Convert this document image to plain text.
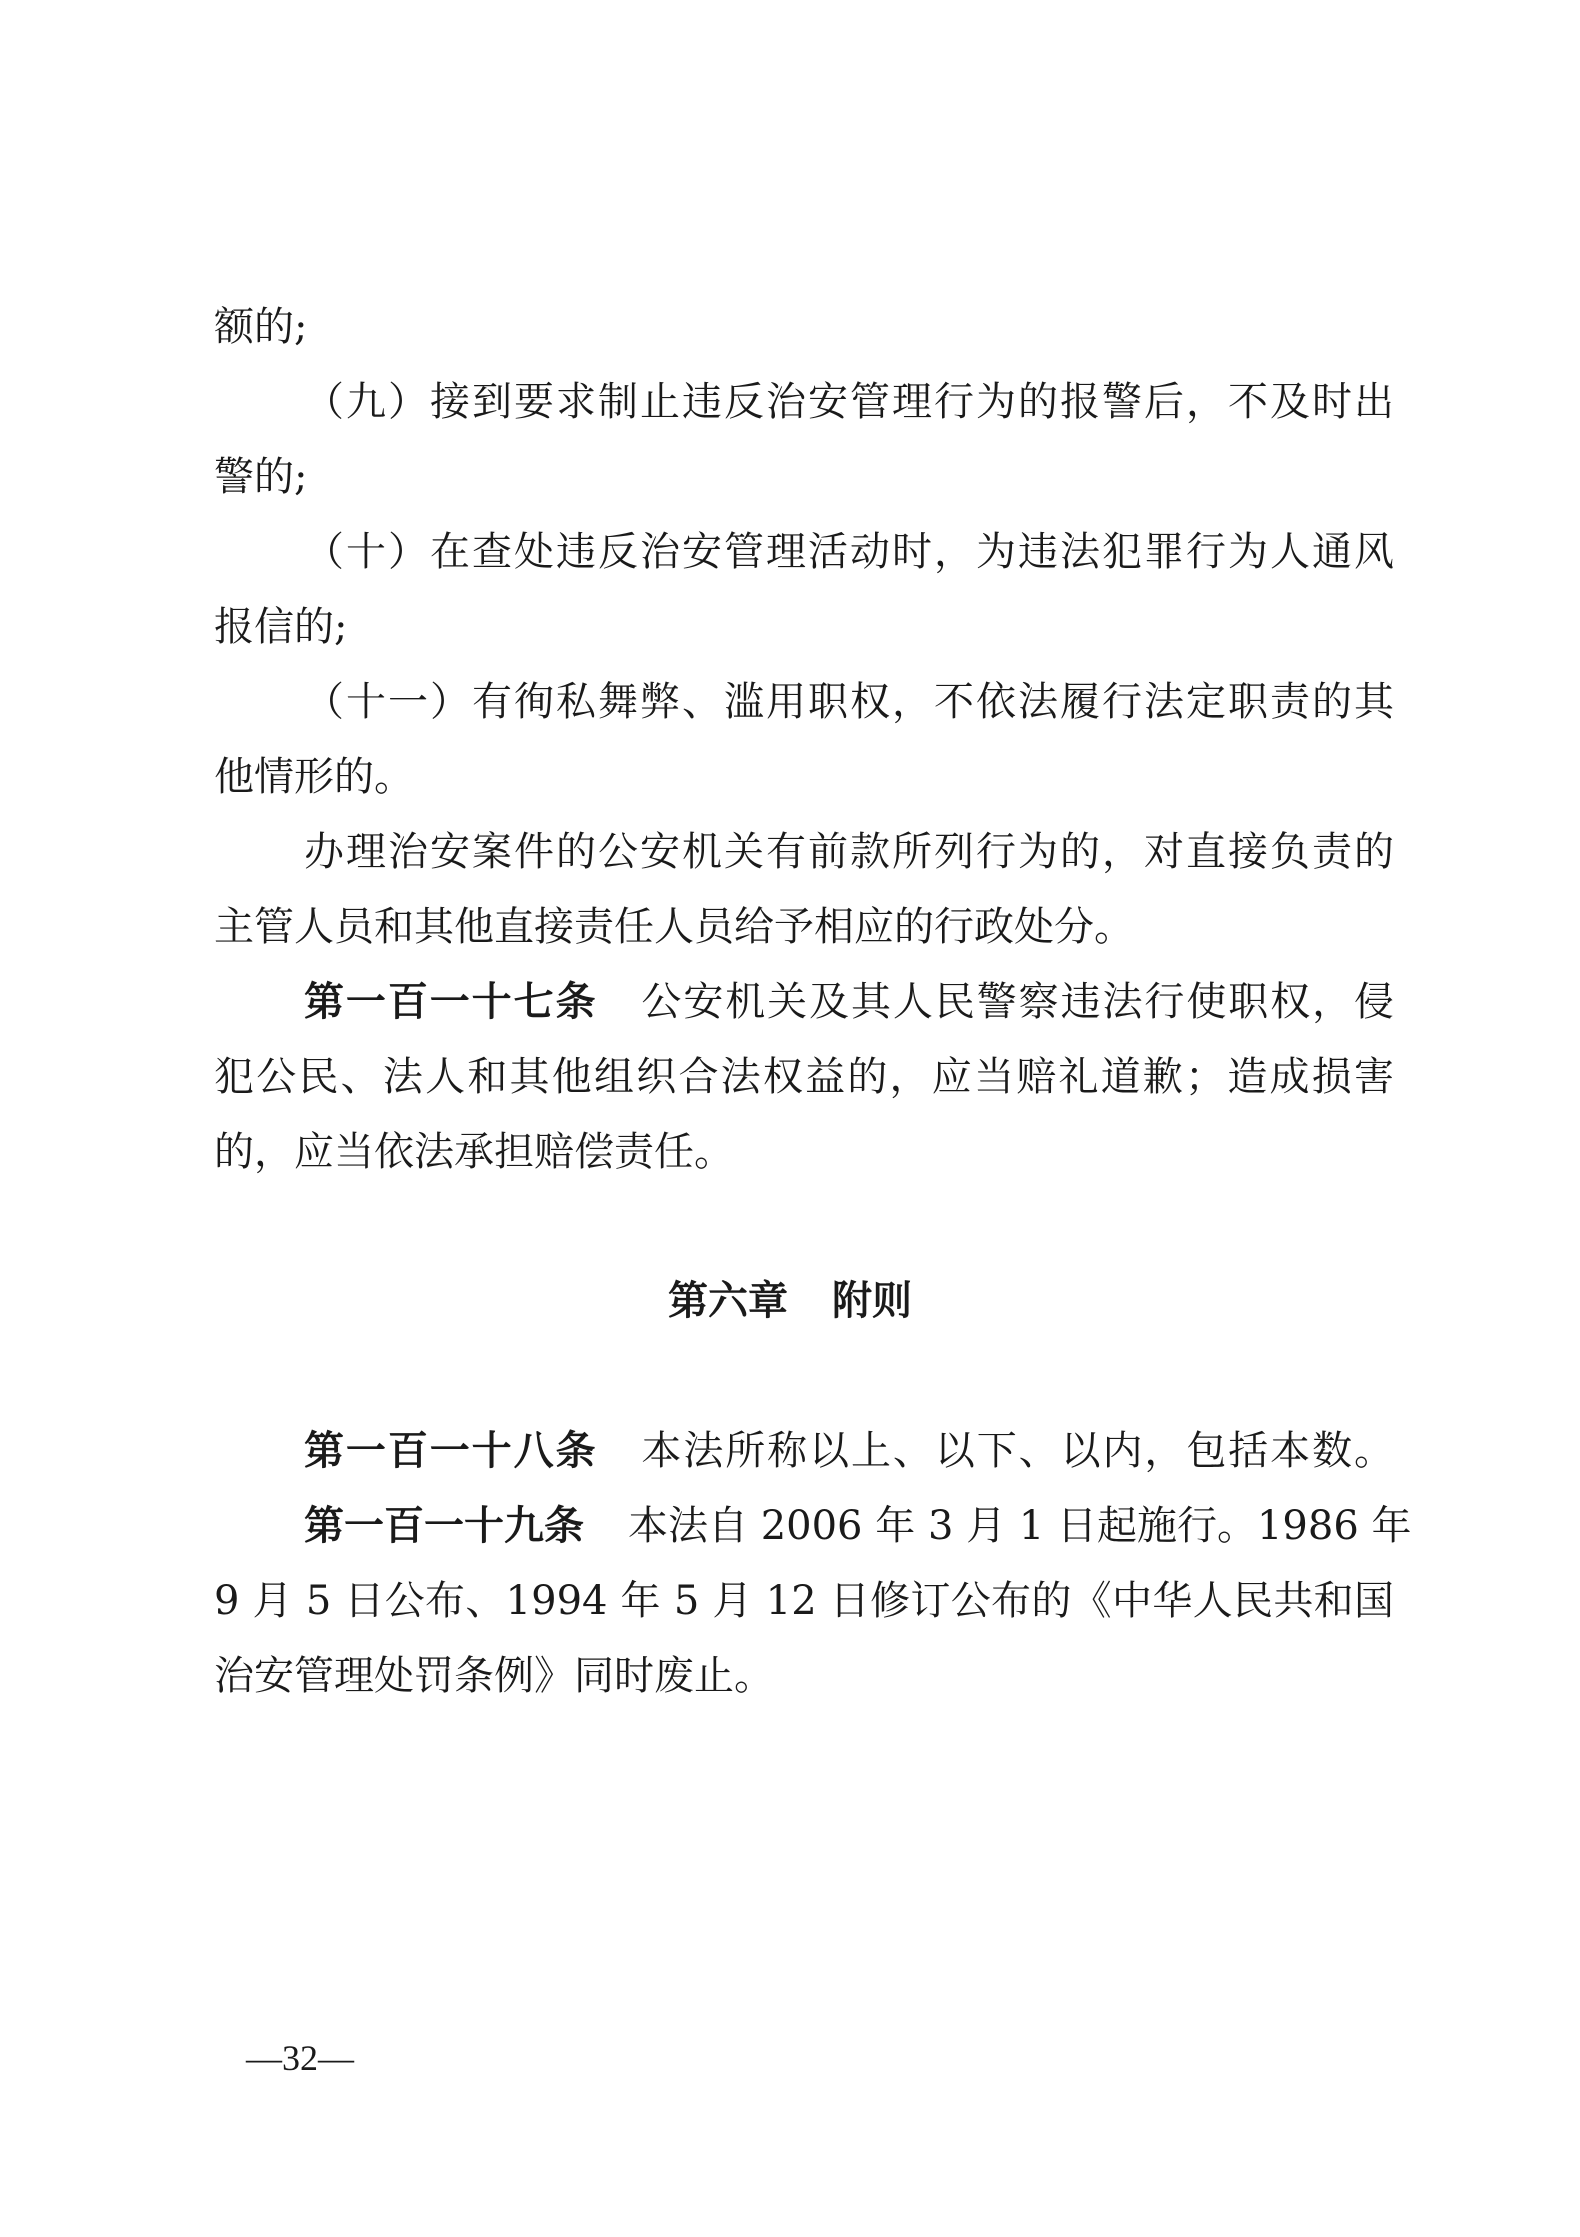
额的;
（九）接到要求制止违反治安管理行为的报警后，不及时出
警的;
（十）在查处违反治安管理活动时，为违法犯罪行为人通风
报信的;
（十一）有徇私舞弊、滥用职权，不依法履行法定职责的其
他情形的。
办理治安案件的公安机关有前款所列行为的，对直接负责的
主管人员和其他直接责任人员给予相应的行政处分。
第一百一十七条 公安机关及其人民警察违法行使职权，侵
犯公民、法人和其他组织合法权益的，应当赔礼道歉；造成损害
的，应当依法承担赔偿责任。
第六章 附则
第一百一十八条 本法所称以上、以下、以内，包括本数。
第一百一十九条 本法自 2006 年 3 月 1 日起施行。1986 年
9 月 5 日公布、1994 年 5 月 12 日修订公布的《中华人民共和国
治安管理处罚条例》同时废止。
—32—
